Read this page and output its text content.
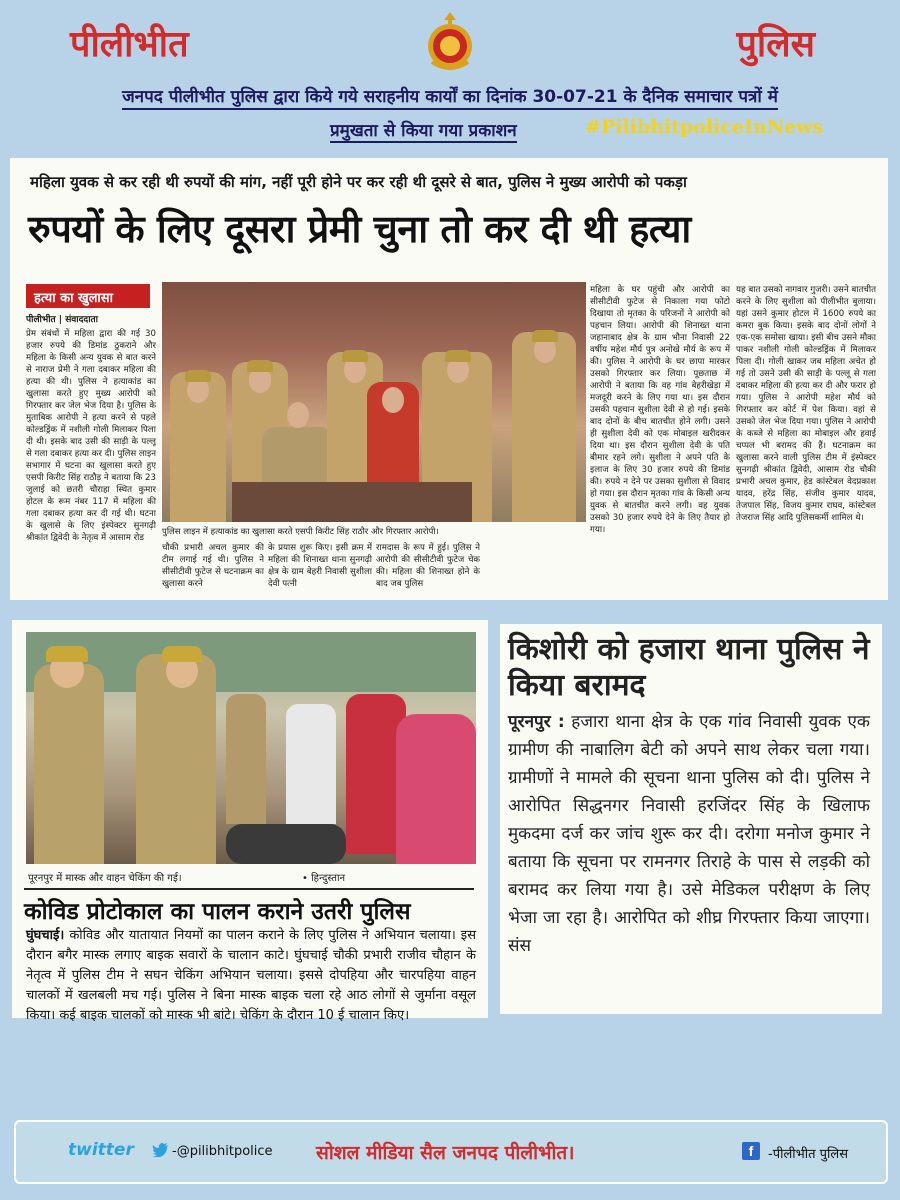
पीलीभीत	पुलिस
जनपद पीलीभीत पुलिस द्वारा किये गये सराहनीय कार्यों का दिनांक 30-07-21 के दैनिक समाचार पत्रों में
प्रमुखता से किया गया प्रकाशन	#PilibhitpoliceInNews
महिला युवक से कर रही थी रुपयों की मांग, नहीं पूरी होने पर कर रही थी दूसरे से बात, पुलिस ने मुख्य आरोपी को पकड़ा
रुपयों के लिए दूसरा प्रेमी चुना तो कर दी थी हत्या
हत्या का खुलासा
पीलीभीत | संवाददाता
प्रेम संबंधों में महिला द्वारा की गई 30 हजार रुपये की डिमांड ठुकराने और महिला के किसी अन्य युवक से बात करने से नाराज प्रेमी ने गला दबाकर महिला की हत्या की थी। पुलिस ने हत्याकांड का खुलासा करते हुए मुख्य आरोपी को गिरफ्तार कर जेल भेज दिया है। पुलिस के मुताबिक आरोपी ने हत्या करने से पहले कोल्डड्रिंक में नशीली गोली मिलाकर पिला दी थी। इसके बाद उसी की साड़ी के पल्लू से गला दबाकर हत्या कर दी। पुलिस लाइन सभागार में घटना का खुलासा करते हुए एसपी किरीट सिंह राठौड़ ने बताया कि 23 जुलाई को छतरी चौराहा स्थित कुमार होटल के रूम नंबर 117 में महिला की गला दबाकर हत्या कर दी गई थी। घटना के खुलासे के लिए इंस्पेक्टर सुनगढ़ी श्रीकांत द्विवेदी के नेतृत्व में आसाम रोड
पुलिस लाइन में हत्याकांड का खुलासा करते एसपी किरीट सिंह राठौर और गिरफ्तार आरोपी।
चौकी प्रभारी अचल कुमार की टीम लगाई गई थी। पुलिस ने सीसीटीवी फुटेज से घटनाक्रम का खुलासा करने
के प्रयास शुरू किए। इसी क्रम में महिला की शिनाख्त थाना सुनगढ़ी क्षेत्र के ग्राम बेहरी निवासी सुशीला देवी पत्नी
रामदास के रूप में हुई। पुलिस ने आरोपी की सीसीटीवी फुटेज चेक की। महिला की शिनाख्त होने के बाद जब पुलिस
महिला के घर पहुंची और आरोपी का सीसीटीवी फुटेज से निकाला गया फोटो दिखाया तो मृतका के परिजनों ने आरोपी को पहचान लिया। आरोपी की शिनाख्त थाना जहानाबाद क्षेत्र के ग्राम भौना निवासी 22 वर्षीय महेश मौर्य पुत्र अनोखे मौर्य के रूप में की। पुलिस ने आरोपी के घर छापा मारकर उसको गिरफ्तार कर लिया। पूछताछ में आरोपी ने बताया कि वह गांव बेहरीखेड़ा में मजदूरी करने के लिए गया था। इस दौरान उसकी पहचान सुशीला देवी से हो गई। इसके बाद दोनों के बीच बातचीत होने लगी। उसने ही सुशीला देवी को एक मोबाइल खरीदकर दिया था। इस दौरान सुशीला देवी के पति बीमार रहने लगे। सुशीला ने अपने पति के इलाज के लिए 30 हजार रुपये की डिमांड की। रुपये न देने पर उसका सुशीला से विवाद हो गया। इस दौरान मृतका गांव के किसी अन्य युवक से बातचीत करने लगी। वह युवक उसको 30 हजार रुपये देने के लिए तैयार हो गया।
यह बात उसको नागवार गुजरी। उसने बातचीत करने के लिए सुशीला को पीलीभीत बुलाया। यहां उसने कुमार होटल में 1600 रुपये का कमरा बुक किया। इसके बाद दोनों लोगों ने एक-एक समोसा खाया। इसी बीच उसने मौका पाकर नशीली गोली कोल्डड्रिंक में मिलाकर पिला दी। गोली खाकर जब महिला अचेत हो गई तो उसने उसी की साड़ी के पल्लू से गला दबाकर महिला की हत्या कर दी और फरार हो गया। पुलिस ने आरोपी महेश मौर्य को गिरफ्तार कर कोर्ट में पेश किया। वहां से उसको जेल भेज दिया गया। पुलिस ने आरोपी के कब्जे से महिला का मोबाइल और हवाई चप्पल भी बरामद की हैं। घटनाक्रम का खुलासा करने वाली पुलिस टीम में इंस्पेक्टर सुनगढ़ी श्रीकांत द्विवेदी, आसाम रोड चौकी प्रभारी अचल कुमार, हेड कांस्टेबल वेदप्रकाश यादव, हरेंद्र सिंह, संजीव कुमार यादव, तेजपाल सिंह, विजय कुमार राघव, कांस्टेबल तेजराज सिंह आदि पुलिसकर्मी शामिल थे।
पूरनपुर में मास्क और वाहन चेकिंग की गई।	• हिन्दुस्तान
कोविड प्रोटोकाल का पालन कराने उतरी पुलिस
घुंघचाई। कोविड और यातायात नियमों का पालन कराने के लिए पुलिस ने अभियान चलाया। इस दौरान बगैर मास्क लगाए बाइक सवारों के चालान काटे। घुंघचाई चौकी प्रभारी राजीव चौहान के नेतृत्व में पुलिस टीम ने सघन चेकिंग अभियान चलाया। इससे दोपहिया और चारपहिया वाहन चालकों में खलबली मच गई। पुलिस ने बिना मास्क बाइक चला रहे आठ लोगों से जुर्माना वसूल किया। कई बाइक चालकों को मास्क भी बांटे। चेकिंग के दौरान 10 ई चालान किए।
किशोरी को हजारा थाना पुलिस ने किया बरामद
पूरनपुर : हजारा थाना क्षेत्र के एक गांव निवासी युवक एक ग्रामीण की नाबालिग बेटी को अपने साथ लेकर चला गया। ग्रामीणों ने मामले की सूचना थाना पुलिस को दी। पुलिस ने आरोपित सिद्धनगर निवासी हरजिंदर सिंह के खिलाफ मुकदमा दर्ज कर जांच शुरू कर दी। दरोगा मनोज कुमार ने बताया कि सूचना पर रामनगर तिराहे के पास से लड़की को बरामद कर लिया गया है। उसे मेडिकल परीक्षण के लिए भेजा जा रहा है। आरोपित को शीघ्र गिरफ्तार किया जाएगा। संस
twitter	-@pilibhitpolice सोशल मीडिया सैल जनपद पीलीभीत।	f	-पीलीभीत पुलिस
